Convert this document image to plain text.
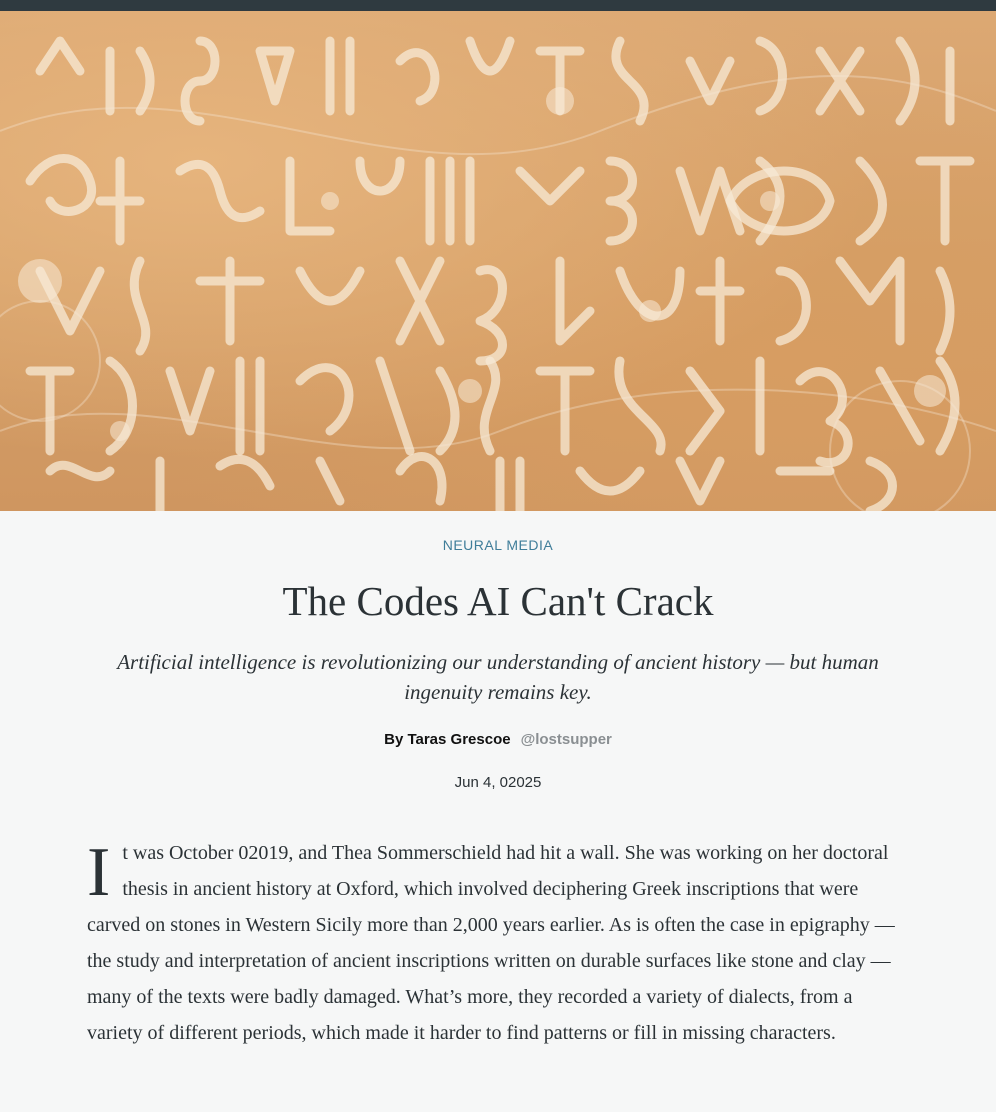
NEURAL MEDIA
The Codes AI Can't Crack

Artificial intelligence is revolutionizing our understanding of ancient history — but human ingenuity remains key.

By Taras Grescoe @lostsupper
Jun 4, 02025

It was October 02019, and Thea Sommerschield had hit a wall. She was working on her doctoral thesis in ancient history at Oxford, which involved deciphering Greek inscriptions that were carved on stones in Western Sicily more than 2,000 years earlier. As is often the case in epigraphy — the study and interpretation of ancient inscriptions written on durable surfaces like stone and clay — many of the texts were badly damaged. What’s more, they recorded a variety of dialects, from a variety of different periods, which made it harder to find patterns or fill in missing characters.
